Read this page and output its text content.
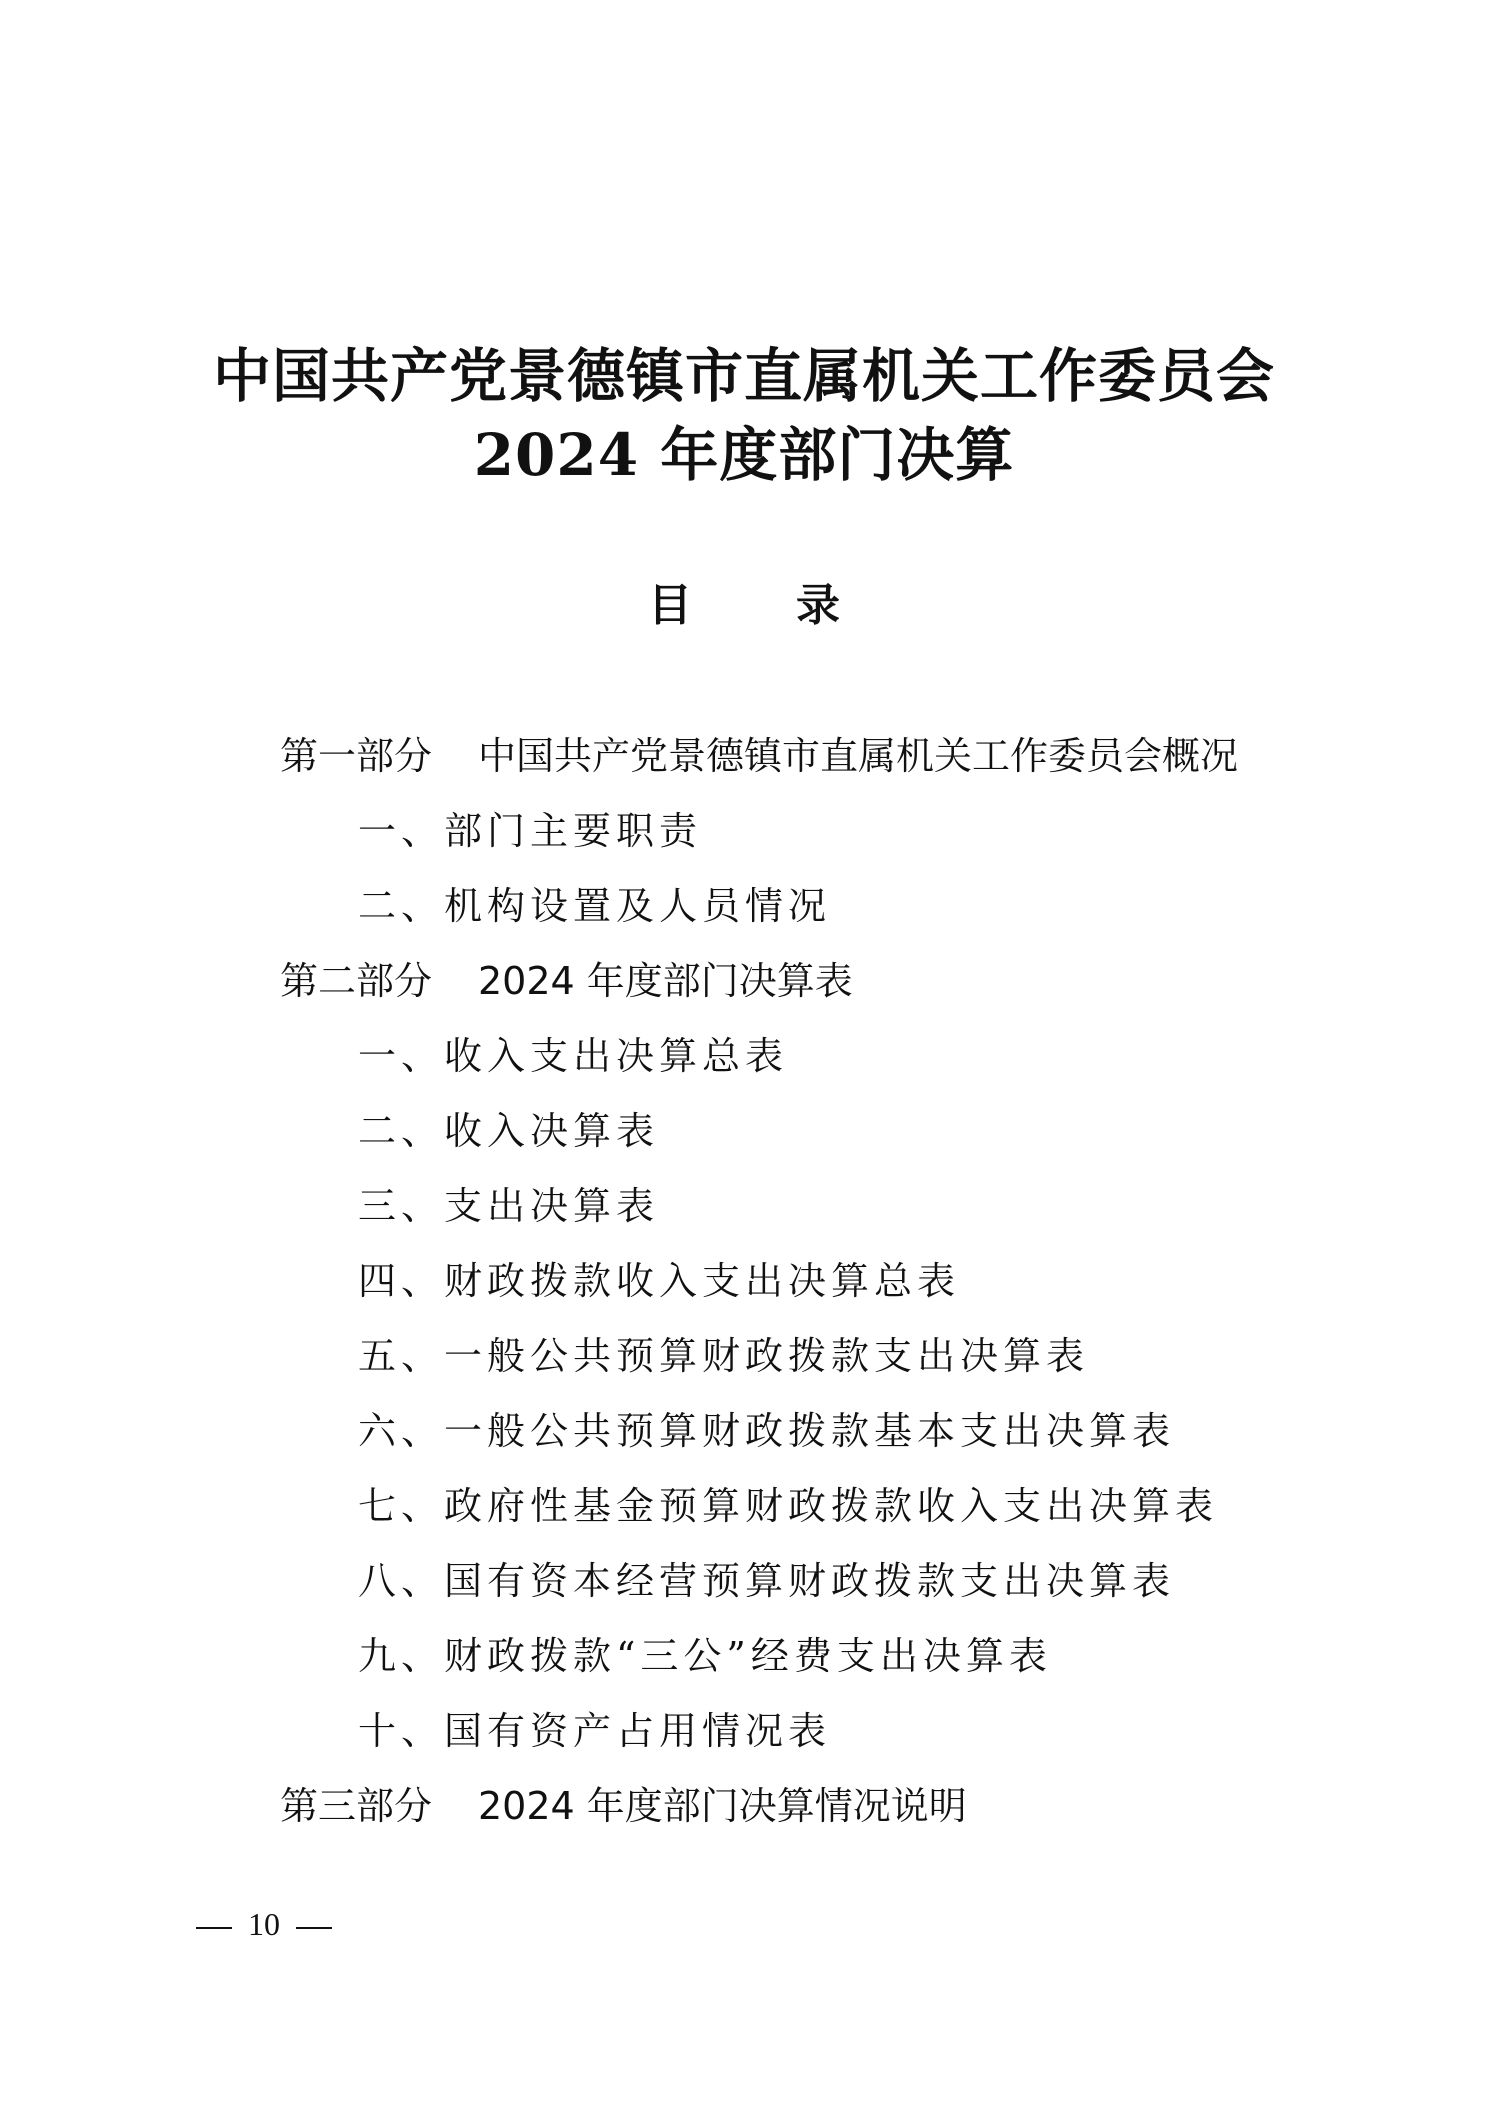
中国共产党景德镇市直属机关工作委员会
2024 年度部门决算
目 录
第一部分 中国共产党景德镇市直属机关工作委员会概况
一、部门主要职责
二、机构设置及人员情况
第二部分 2024 年度部门决算表
一、收入支出决算总表
二、收入决算表
三、支出决算表
四、财政拨款收入支出决算总表
五、一般公共预算财政拨款支出决算表
六、一般公共预算财政拨款基本支出决算表
七、政府性基金预算财政拨款收入支出决算表
八、国有资本经营预算财政拨款支出决算表
九、财政拨款“三公”经费支出决算表
十、国有资产占用情况表
第三部分 2024 年度部门决算情况说明
10
